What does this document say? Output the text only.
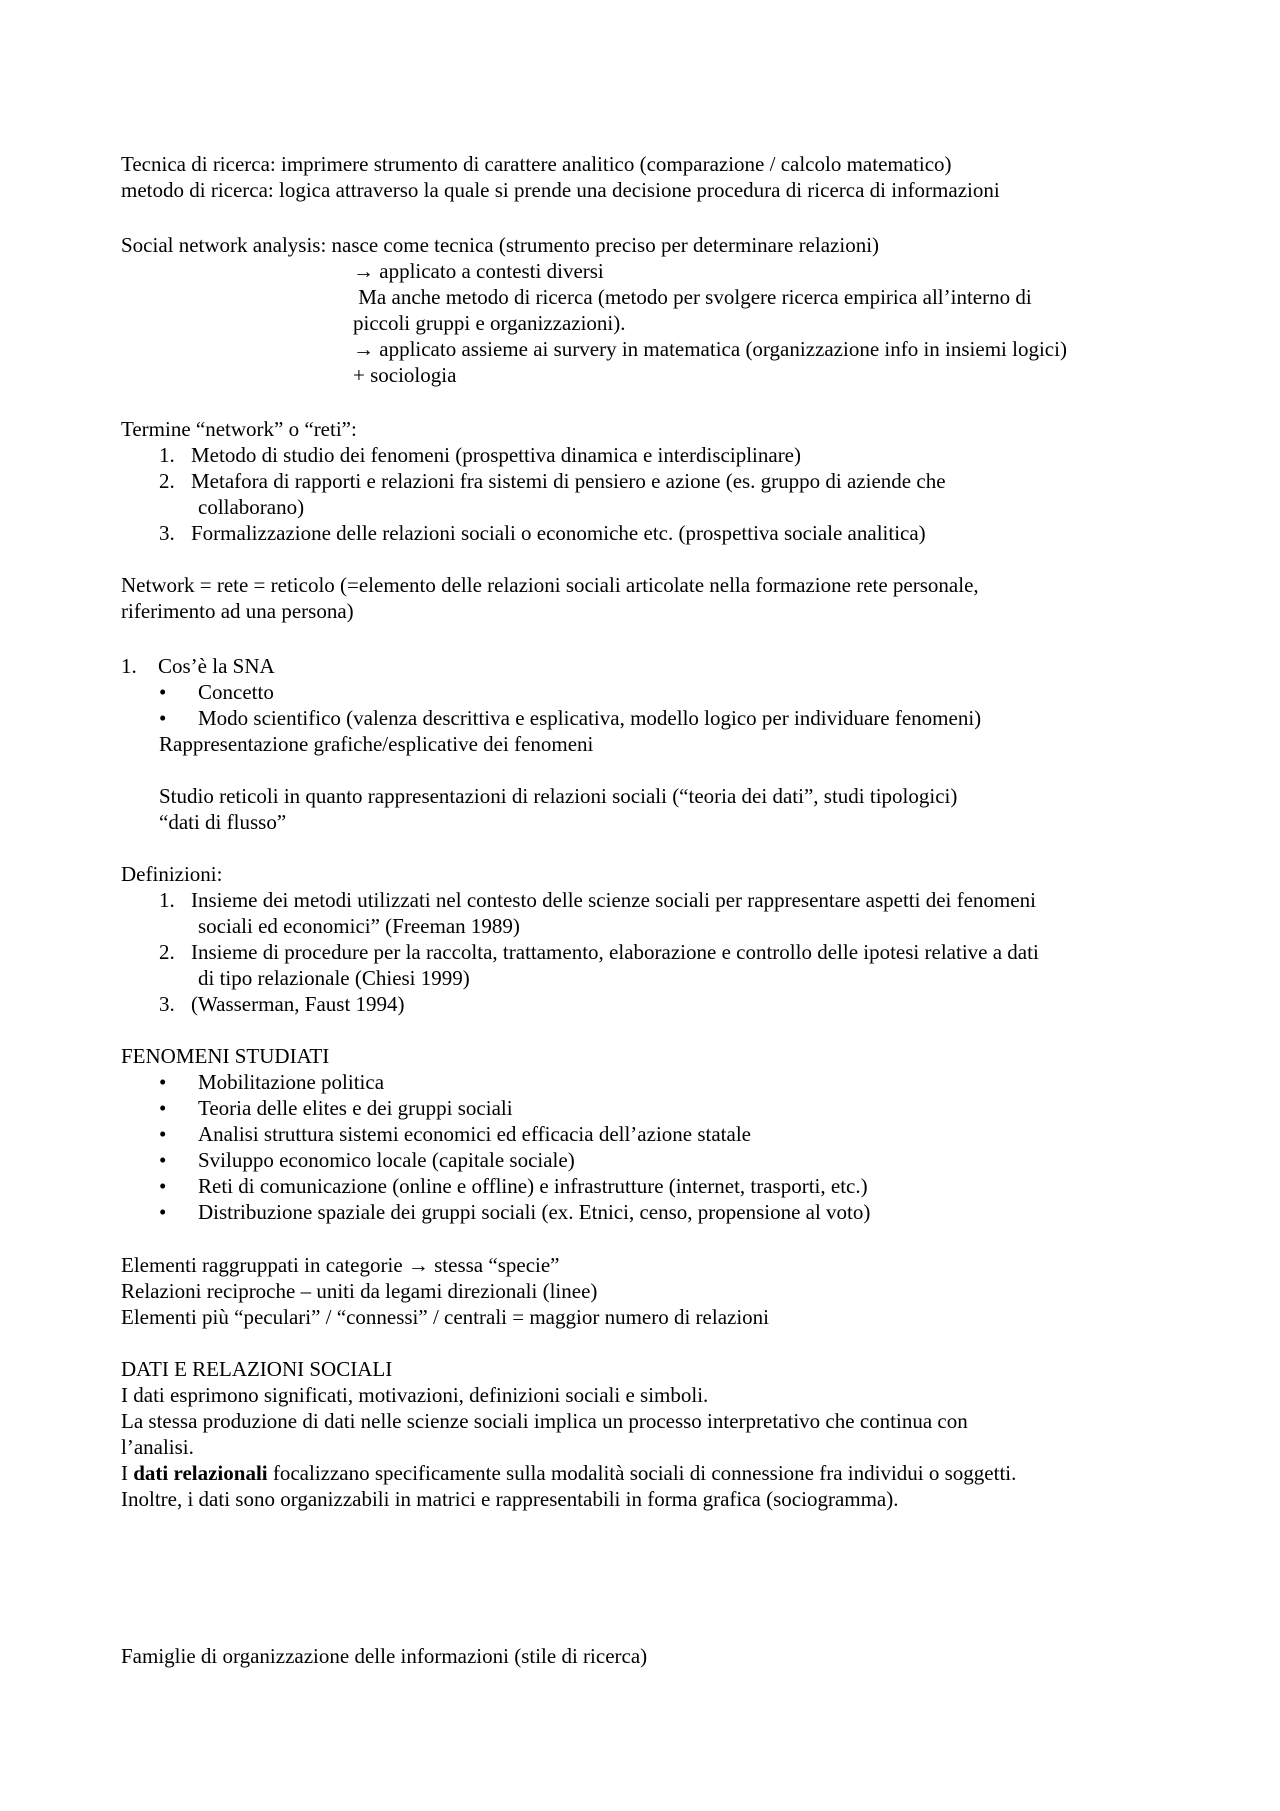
Tecnica di ricerca: imprimere strumento di carattere analitico (comparazione / calcolo matematico)
metodo di ricerca: logica attraverso la quale si prende una decisione procedura di ricerca di informazioni
Social network analysis: nasce come tecnica (strumento preciso per determinare relazioni)
→ applicato a contesti diversi
Ma anche metodo di ricerca (metodo per svolgere ricerca empirica all’interno di
piccoli gruppi e organizzazioni).
→ applicato assieme ai survery in matematica (organizzazione info in insiemi logici)
+ sociologia
Termine “network” o “reti”:
1. Metodo di studio dei fenomeni (prospettiva dinamica e interdisciplinare)
2. Metafora di rapporti e relazioni fra sistemi di pensiero e azione (es. gruppo di aziende che
collaborano)
3. Formalizzazione delle relazioni sociali o economiche etc. (prospettiva sociale analitica)
Network = rete = reticolo (=elemento delle relazioni sociali articolate nella formazione rete personale,
riferimento ad una persona)
1.	Cos’è la SNA
•	Concetto
•	Modo scientifico (valenza descrittiva e esplicativa, modello logico per individuare fenomeni)
Rappresentazione grafiche/esplicative dei fenomeni
Studio reticoli in quanto rappresentazioni di relazioni sociali (“teoria dei dati”, studi tipologici)
“dati di flusso”
Definizioni:
1. Insieme dei metodi utilizzati nel contesto delle scienze sociali per rappresentare aspetti dei fenomeni
sociali ed economici” (Freeman 1989)
2. Insieme di procedure per la raccolta, trattamento, elaborazione e controllo delle ipotesi relative a dati
di tipo relazionale (Chiesi 1999)
3. (Wasserman, Faust 1994)
FENOMENI STUDIATI
•	Mobilitazione politica
•	Teoria delle elites e dei gruppi sociali
•	Analisi struttura sistemi economici ed efficacia dell’azione statale
•	Sviluppo economico locale (capitale sociale)
•	Reti di comunicazione (online e offline) e infrastrutture (internet, trasporti, etc.)
•	Distribuzione spaziale dei gruppi sociali (ex. Etnici, censo, propensione al voto)
Elementi raggruppati in categorie → stessa “specie”
Relazioni reciproche – uniti da legami direzionali (linee)
Elementi più “peculari” / “connessi” / centrali = maggior numero di relazioni
DATI E RELAZIONI SOCIALI
I dati esprimono significati, motivazioni, definizioni sociali e simboli.
La stessa produzione di dati nelle scienze sociali implica un processo interpretativo che continua con
l’analisi.
I dati relazionali focalizzano specificamente sulla modalità sociali di connessione fra individui o soggetti.
Inoltre, i dati sono organizzabili in matrici e rappresentabili in forma grafica (sociogramma).
Famiglie di organizzazione delle informazioni (stile di ricerca)
